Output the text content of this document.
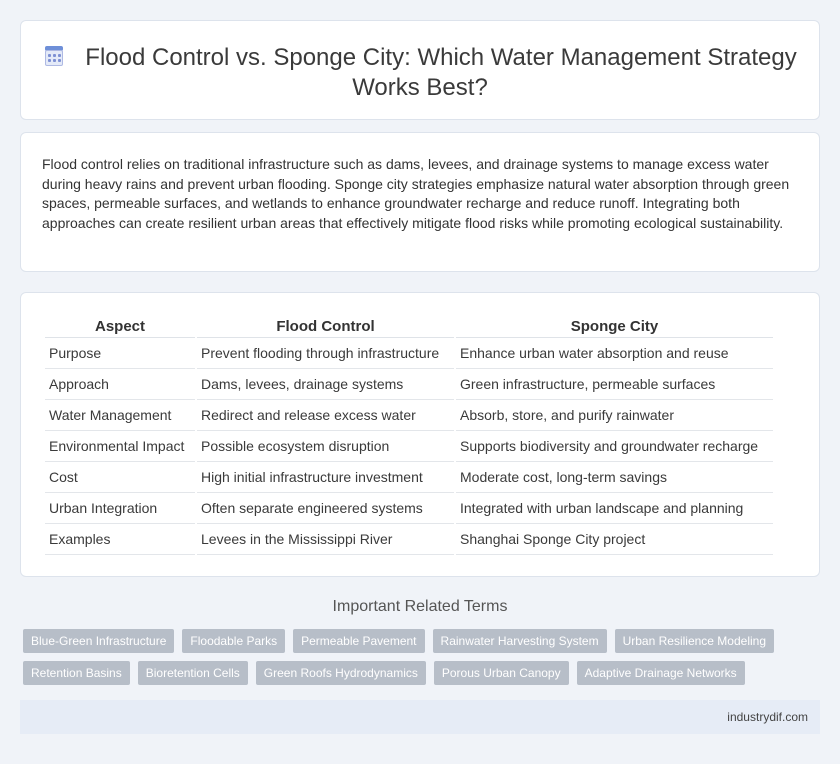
Flood Control vs. Sponge City: Which Water Management Strategy Works Best?

Flood control relies on traditional infrastructure such as dams, levees, and drainage systems to manage excess water during heavy rains and prevent urban flooding. Sponge city strategies emphasize natural water absorption through green spaces, permeable surfaces, and wetlands to enhance groundwater recharge and reduce runoff. Integrating both approaches can create resilient urban areas that effectively mitigate flood risks while promoting ecological sustainability.

Aspect	Flood Control	Sponge City
Purpose	Prevent flooding through infrastructure	Enhance urban water absorption and reuse
Approach	Dams, levees, drainage systems	Green infrastructure, permeable surfaces
Water Management	Redirect and release excess water	Absorb, store, and purify rainwater
Environmental Impact	Possible ecosystem disruption	Supports biodiversity and groundwater recharge
Cost	High initial infrastructure investment	Moderate cost, long-term savings
Urban Integration	Often separate engineered systems	Integrated with urban landscape and planning
Examples	Levees in the Mississippi River	Shanghai Sponge City project
Important Related Terms
Blue-Green Infrastructure	Floodable Parks	Permeable Pavement	Rainwater Harvesting System	Urban Resilience Modeling
Retention Basins	Bioretention Cells	Green Roofs Hydrodynamics	Porous Urban Canopy	Adaptive Drainage Networks
industrydif.com
